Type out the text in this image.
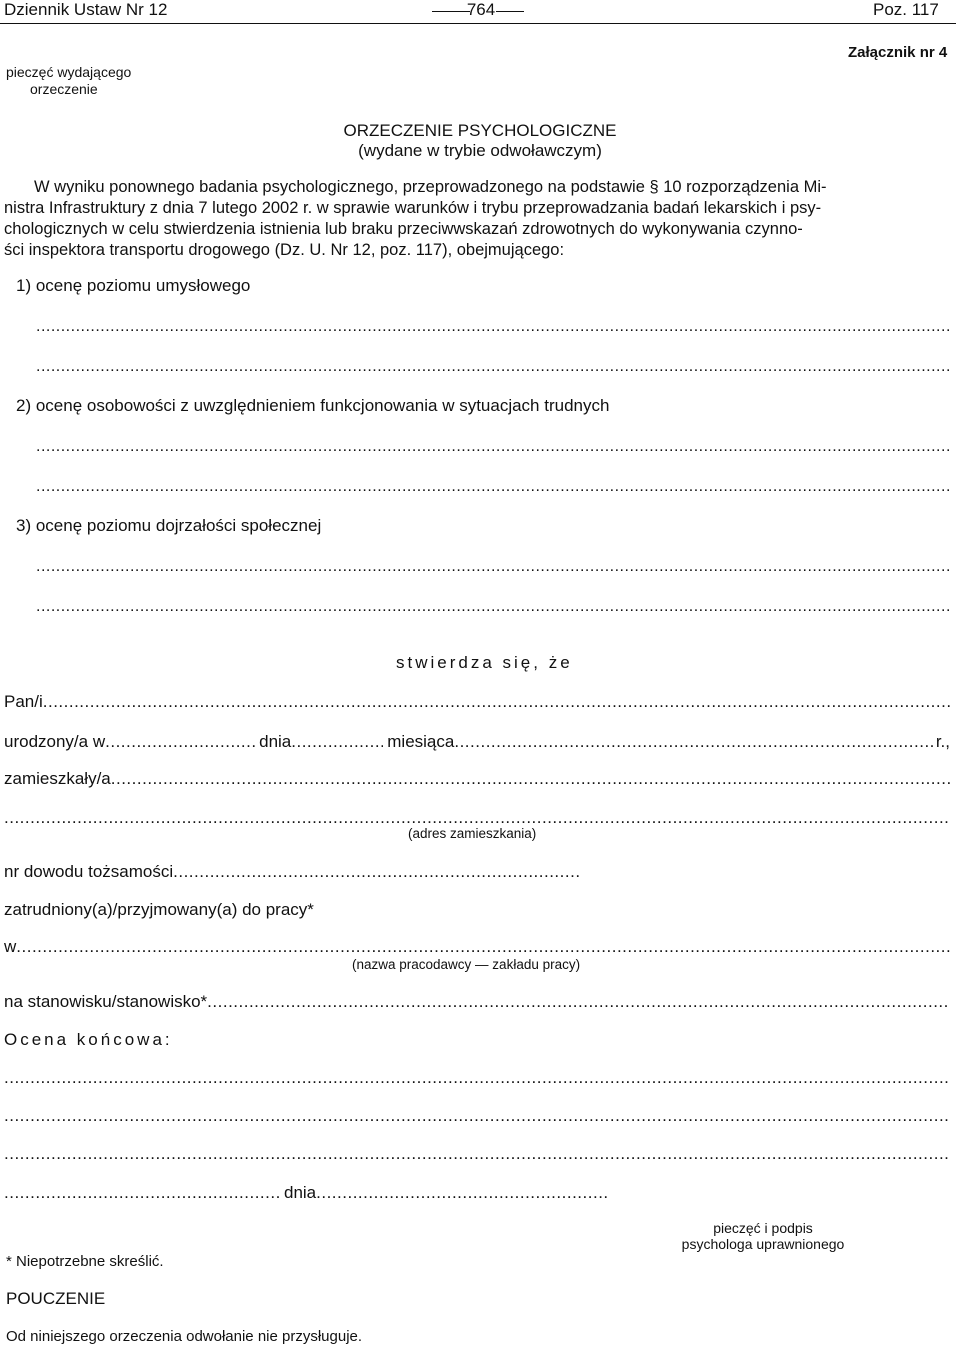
Dziennik Ustaw Nr 12	764	Poz. 117
pieczęć wydającego
orzeczenie
Załącznik nr 4
ORZECZENIE PSYCHOLOGICZNE
(wydane w trybie odwoławczym)
W wyniku ponownego badania psychologicznego, przeprowadzonego na podstawie § 10 rozporządzenia Mi-
nistra Infrastruktury z dnia 7 lutego 2002 r. w sprawie warunków i trybu przeprowadzania badań lekarskich i psy-
chologicznych w celu stwierdzenia istnienia lub braku przeciwwskazań zdrowotnych do wykonywania czynno-
ści inspektora transportu drogowego (Dz. U. Nr 12, poz. 117), obejmującego:
1) ocenę poziomu umysłowego
.....
.....
2) ocenę osobowości z uwzględnieniem funkcjonowania w sytuacjach trudnych
.....
.....
3) ocenę poziomu dojrzałości społecznej
.....
.....
stwierdza się, że
Pan/i
.....
urodzony/a w .....	dnia .....	miesiąca .....	r.,
zamieszkały/a
.....
.....
(adres zamieszkania)
nr dowodu tożsamości
.....
zatrudniony(a)/przyjmowany(a) do pracy*
w
.....
(nazwa pracodawcy — zakładu pracy)
na stanowisku/stanowisko*
.....
Ocena końcowa:
.....
.....
.....
.....
dnia
.....
pieczęć i podpis
psychologa uprawnionego
* Niepotrzebne skreślić.
POUCZENIE
Od niniejszego orzeczenia odwołanie nie przysługuje.
